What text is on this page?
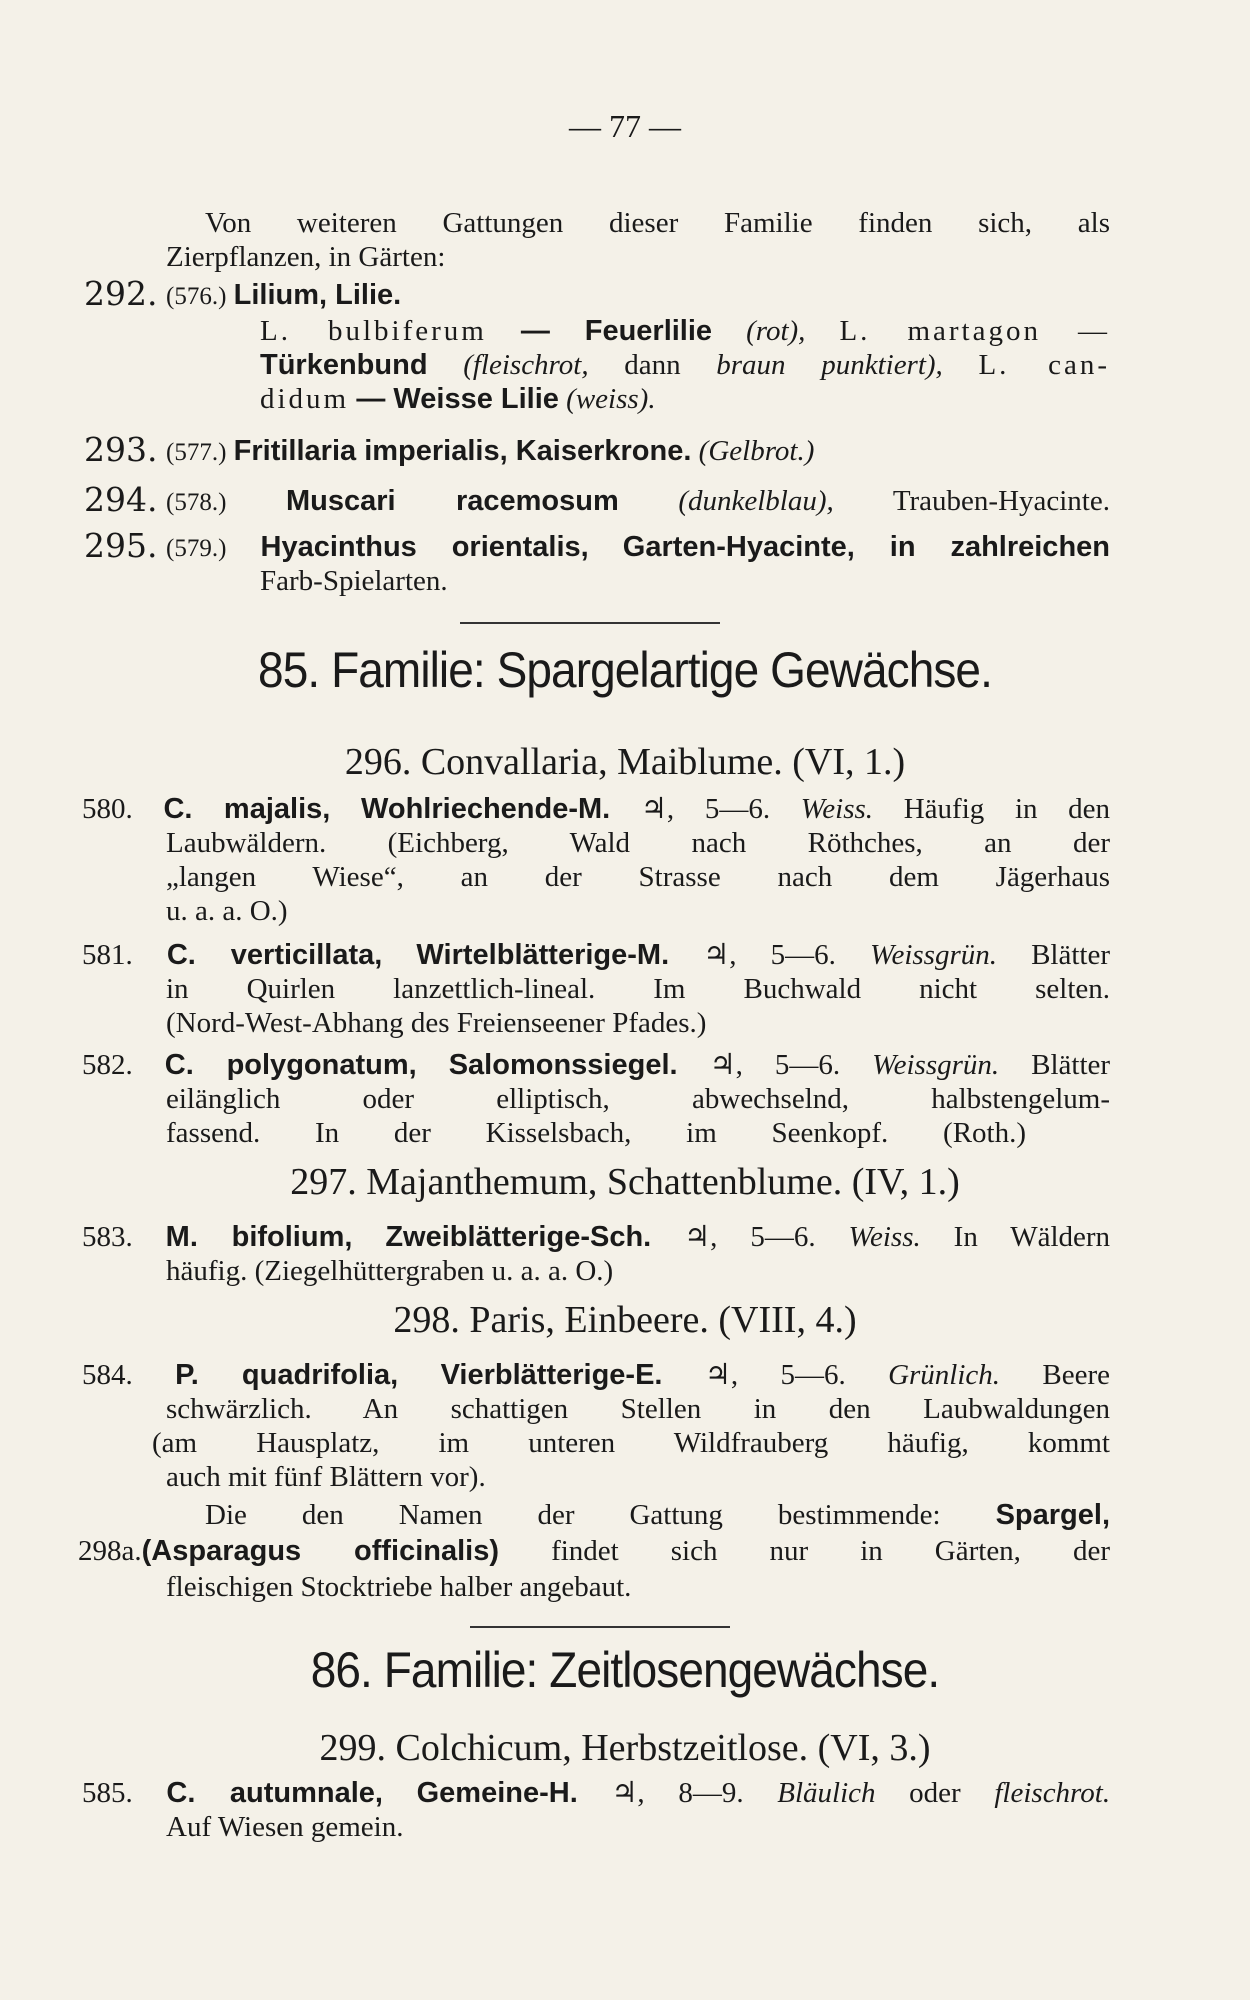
— 77 —
Von weiteren Gattungen dieser Familie finden sich, als
Zierpflanzen, in Gärten:
292. (576.) Lilium, Lilie.
L. bulbiferum — Feuerlilie (rot), L. martagon —
Türkenbund (fleischrot, dann braun punktiert), L. can-
didum — Weisse Lilie (weiss).
293. (577.) Fritillaria imperialis, Kaiserkrone. (Gelbrot.)
294. (578.) Muscari racemosum (dunkelblau), Trauben-Hyacinte.
295. (579.) Hyacinthus orientalis, Garten-Hyacinte, in zahlreichen
Farb-Spielarten.
85. Familie: Spargelartige Gewächse.
296. Convallaria, Maiblume. (VI, 1.)
580. C. majalis, Wohlriechende-M. ♃, 5—6. Weiss. Häufig in den
Laubwäldern. (Eichberg, Wald nach Röthches, an der
„langen Wiese“, an der Strasse nach dem Jägerhaus
u. a. a. O.)
581. C. verticillata, Wirtelblätterige-M. ♃, 5—6. Weissgrün. Blätter
in Quirlen lanzettlich-lineal. Im Buchwald nicht selten.
(Nord-West-Abhang des Freienseener Pfades.)
582. C. polygonatum, Salomonssiegel. ♃, 5—6. Weissgrün. Blätter
eilänglich oder elliptisch, abwechselnd, halbstengelum-
fassend. In der Kisselsbach, im Seenkopf. (Roth.)
297. Majanthemum, Schattenblume. (IV, 1.)
583. M. bifolium, Zweiblätterige-Sch. ♃, 5—6. Weiss. In Wäldern
häufig. (Ziegelhüttergraben u. a. a. O.)
298. Paris, Einbeere. (VIII, 4.)
584. P. quadrifolia, Vierblätterige-E. ♃, 5—6. Grünlich. Beere
schwärzlich. An schattigen Stellen in den Laubwaldungen
(am Hausplatz, im unteren Wildfrauberg häufig, kommt
auch mit fünf Blättern vor).
Die den Namen der Gattung bestimmende: Spargel,
298a.(Asparagus officinalis) findet sich nur in Gärten, der
fleischigen Stocktriebe halber angebaut.
86. Familie: Zeitlosengewächse.
299. Colchicum, Herbstzeitlose. (VI, 3.)
585. C. autumnale, Gemeine-H. ♃, 8—9. Bläulich oder fleischrot.
Auf Wiesen gemein.
